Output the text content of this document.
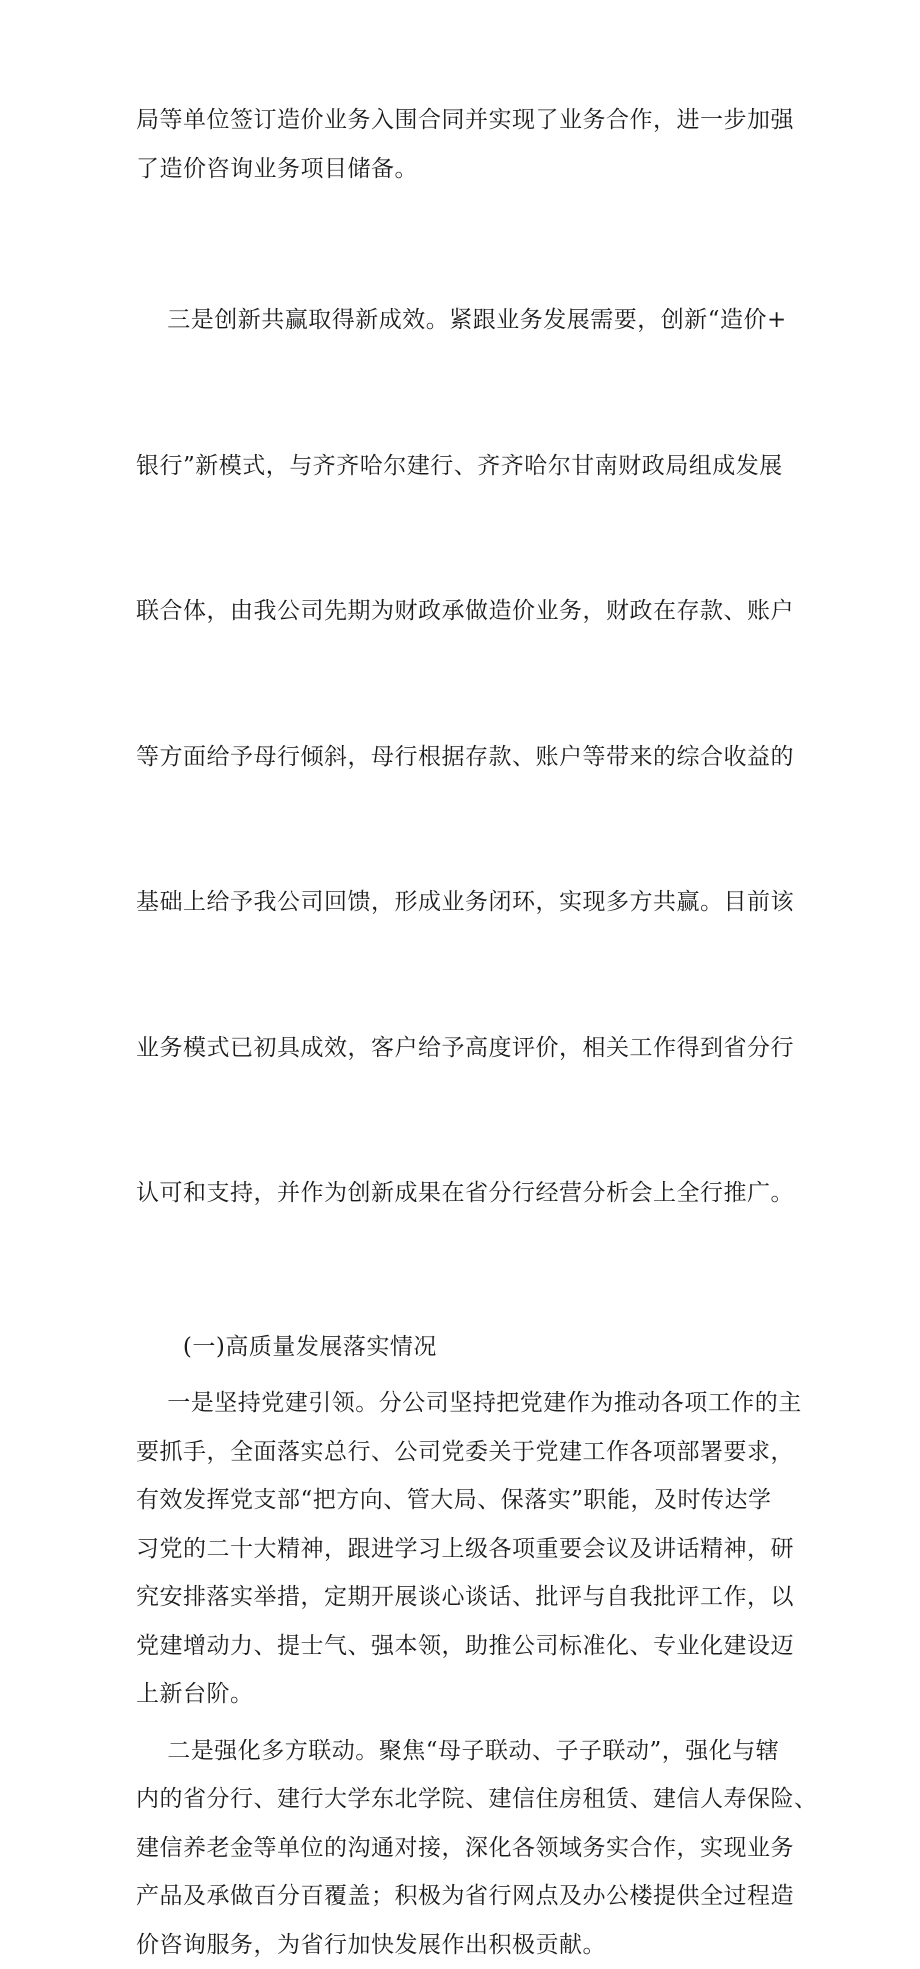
局等单位签订造价业务入围合同并实现了业务合作，进一步加强
了造价咨询业务项目储备。

三是创新共赢取得新成效。紧跟业务发展需要，创新“造价+

银行”新模式，与齐齐哈尔建行、齐齐哈尔甘南财政局组成发展

联合体，由我公司先期为财政承做造价业务，财政在存款、账户

等方面给予母行倾斜，母行根据存款、账户等带来的综合收益的

基础上给予我公司回馈，形成业务闭环，实现多方共赢。目前该

业务模式已初具成效，客户给予高度评价，相关工作得到省分行

认可和支持，并作为创新成果在省分行经营分析会上全行推广。

(一)高质量发展落实情况
一是坚持党建引领。分公司坚持把党建作为推动各项工作的主
要抓手，全面落实总行、公司党委关于党建工作各项部署要求，
有效发挥党支部“把方向、管大局、保落实”职能，及时传达学
习党的二十大精神，跟进学习上级各项重要会议及讲话精神，研
究安排落实举措，定期开展谈心谈话、批评与自我批评工作，以
党建增动力、提士气、强本领，助推公司标准化、专业化建设迈
上新台阶。
二是强化多方联动。聚焦“母子联动、子子联动”，强化与辖
内的省分行、建行大学东北学院、建信住房租赁、建信人寿保险、
建信养老金等单位的沟通对接，深化各领域务实合作，实现业务
产品及承做百分百覆盖；积极为省行网点及办公楼提供全过程造
价咨询服务，为省行加快发展作出积极贡献。
